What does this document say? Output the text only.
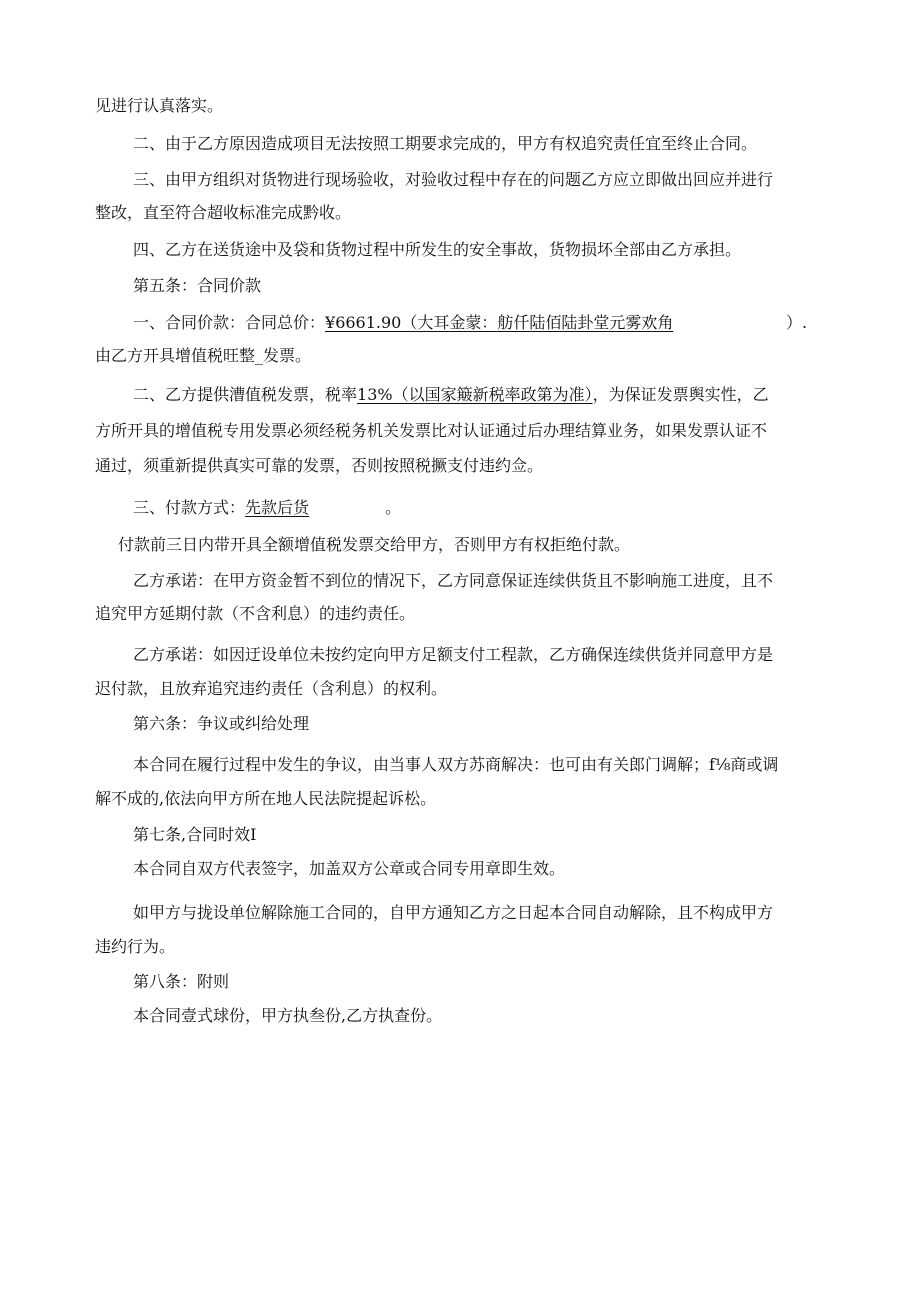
见进行认真落实。
二、由于乙方原因造成项目无法按照工期要求完成的，甲方有权追究责任宜至终止合同。
三、由甲方组织对货物进行现场验收，对验收过程中存在的问题乙方应立即做出回应并进行
整改，直至符合超收标准完成黔收。
四、乙方在送货途中及袋和货物过程中所发生的安全事故，货物损坏全部由乙方承担。
第五条：合同价款
一、合同价款：合同总价：¥6661.90（大耳金蒙：舫仟陆佰陆卦堂元雾欢角	）.
由乙方开具增值税旺整_发票。
二、乙方提供漕值税发票，税率13%（以国家簸新税率政第为准），为保证发票舆实性，乙
方所开具的增值税专用发票必须经税务机关发票比对认证通过后办理结算业务，如果发票认证不
通过，须重新提供真实可靠的发票，否则按照税撅支付违约佥。
三、付款方式：先款后货	。
付款前三日内带开具全额增值税发票交给甲方，否则甲方有权拒绝付款。
乙方承诺：在甲方资金暂不到位的情况下，乙方同意保证连续供货且不影响施工进度，且不
追究甲方延期付款（不含利息）的违约责任。
乙方承诺：如因迂设单位未按约定向甲方足额支付工程款，乙方确保连续供货并同意甲方是
迟付款，且放弃追究违约责任（含利息）的权利。
第六条：争议或纠给处理
本合同在履行过程中发生的争议，由当事人双方苏商解决：也可由有关郎门调解；f⅛商或调
解不成的,依法向甲方所在地人民法院提起诉松。
第七条,合同时效I
本合同自双方代表签字，加盖双方公章或合同专用章即生效。
如甲方与拢设单位解除施工合同的，自甲方通知乙方之日起本合同自动解除，且不构成甲方
违约行为。
第八条：附则
本合同壹式球份，甲方执叁份,乙方执查份。
